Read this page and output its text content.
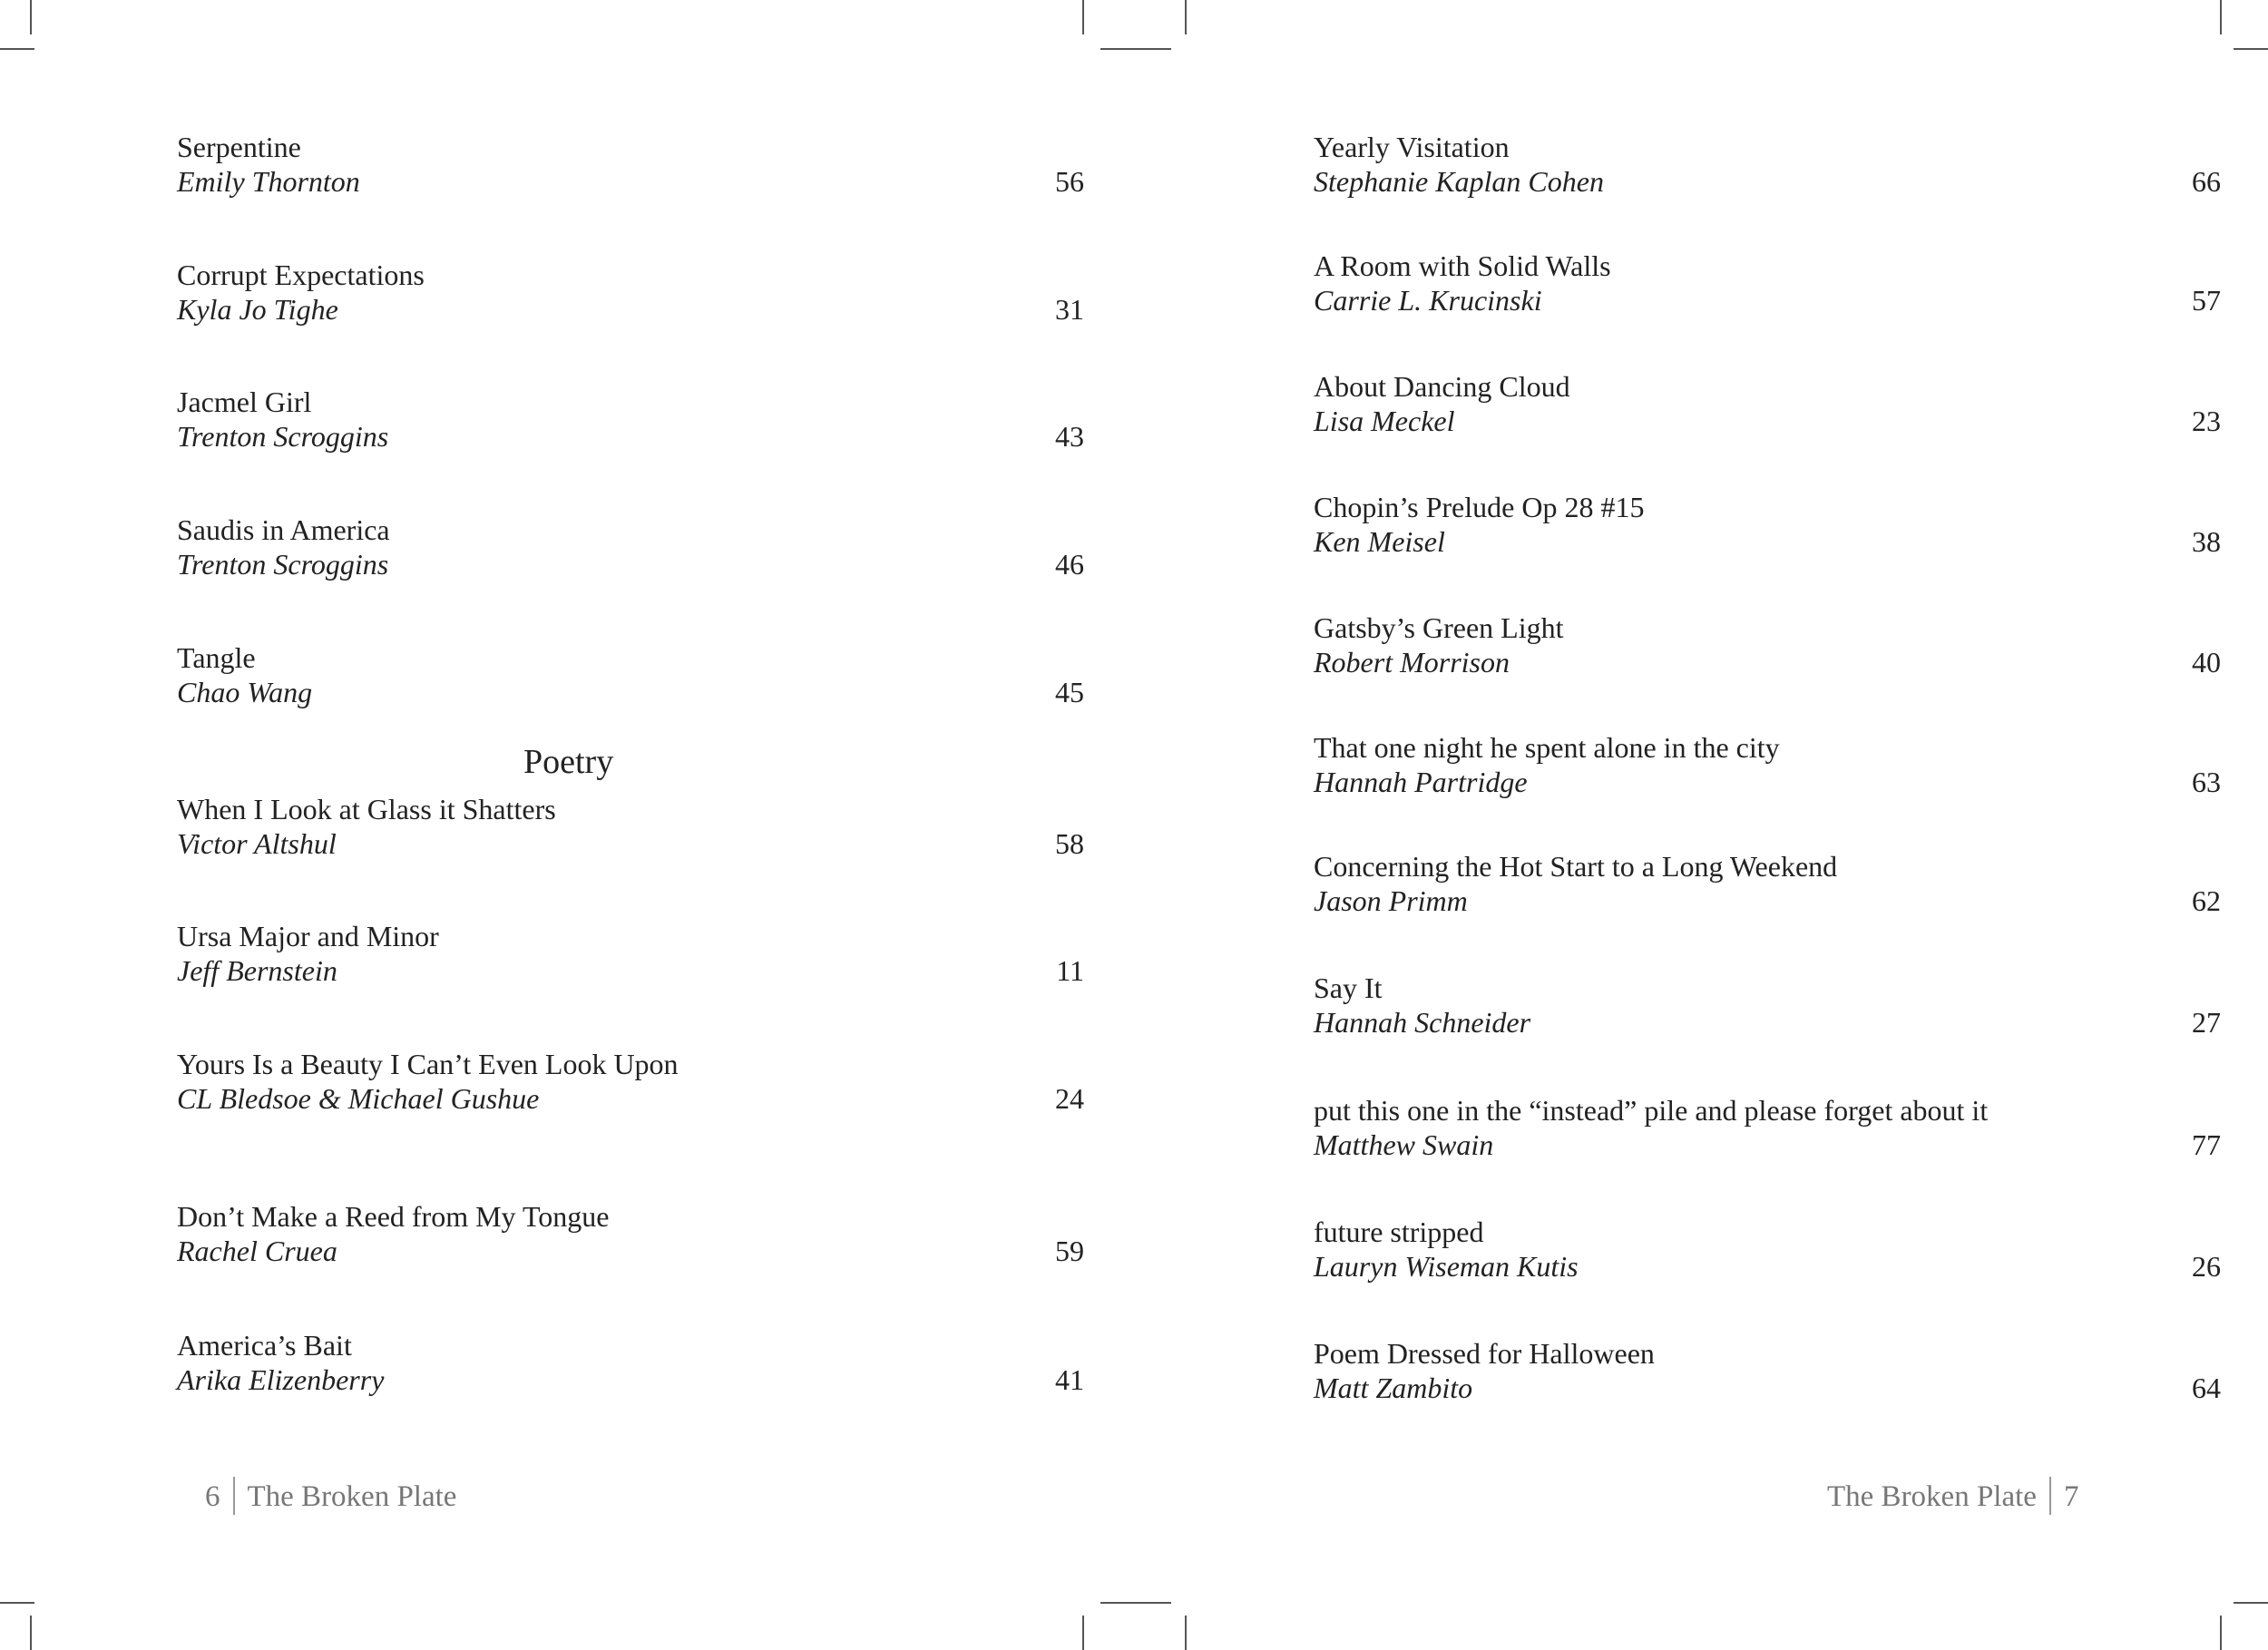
Serpentine
Emily Thornton	56
Corrupt Expectations
Kyla Jo Tighe	31
Jacmel Girl
Trenton Scroggins	43
Saudis in America
Trenton Scroggins	46
Tangle
Chao Wang	45
Poetry
When I Look at Glass it Shatters
Victor Altshul	58
Ursa Major and Minor
Jeff Bernstein	11
Yours Is a Beauty I Can’t Even Look Upon
CL Bledsoe & Michael Gushue	24
Don’t Make a Reed from My Tongue
Rachel Cruea	59
America’s Bait
Arika Elizenberry	41
6 The Broken Plate
Yearly Visitation
Stephanie Kaplan Cohen	66
A Room with Solid Walls
Carrie L. Krucinski	57
About Dancing Cloud
Lisa Meckel	23
Chopin’s Prelude Op 28 #15
Ken Meisel	38
Gatsby’s Green Light
Robert Morrison	40
That one night he spent alone in the city
Hannah Partridge	63
Concerning the Hot Start to a Long Weekend
Jason Primm	62
Say It
Hannah Schneider	27
put this one in the “instead” pile and please forget about it
Matthew Swain	77
future stripped
Lauryn Wiseman Kutis	26
Poem Dressed for Halloween
Matt Zambito	64
The Broken Plate 7
